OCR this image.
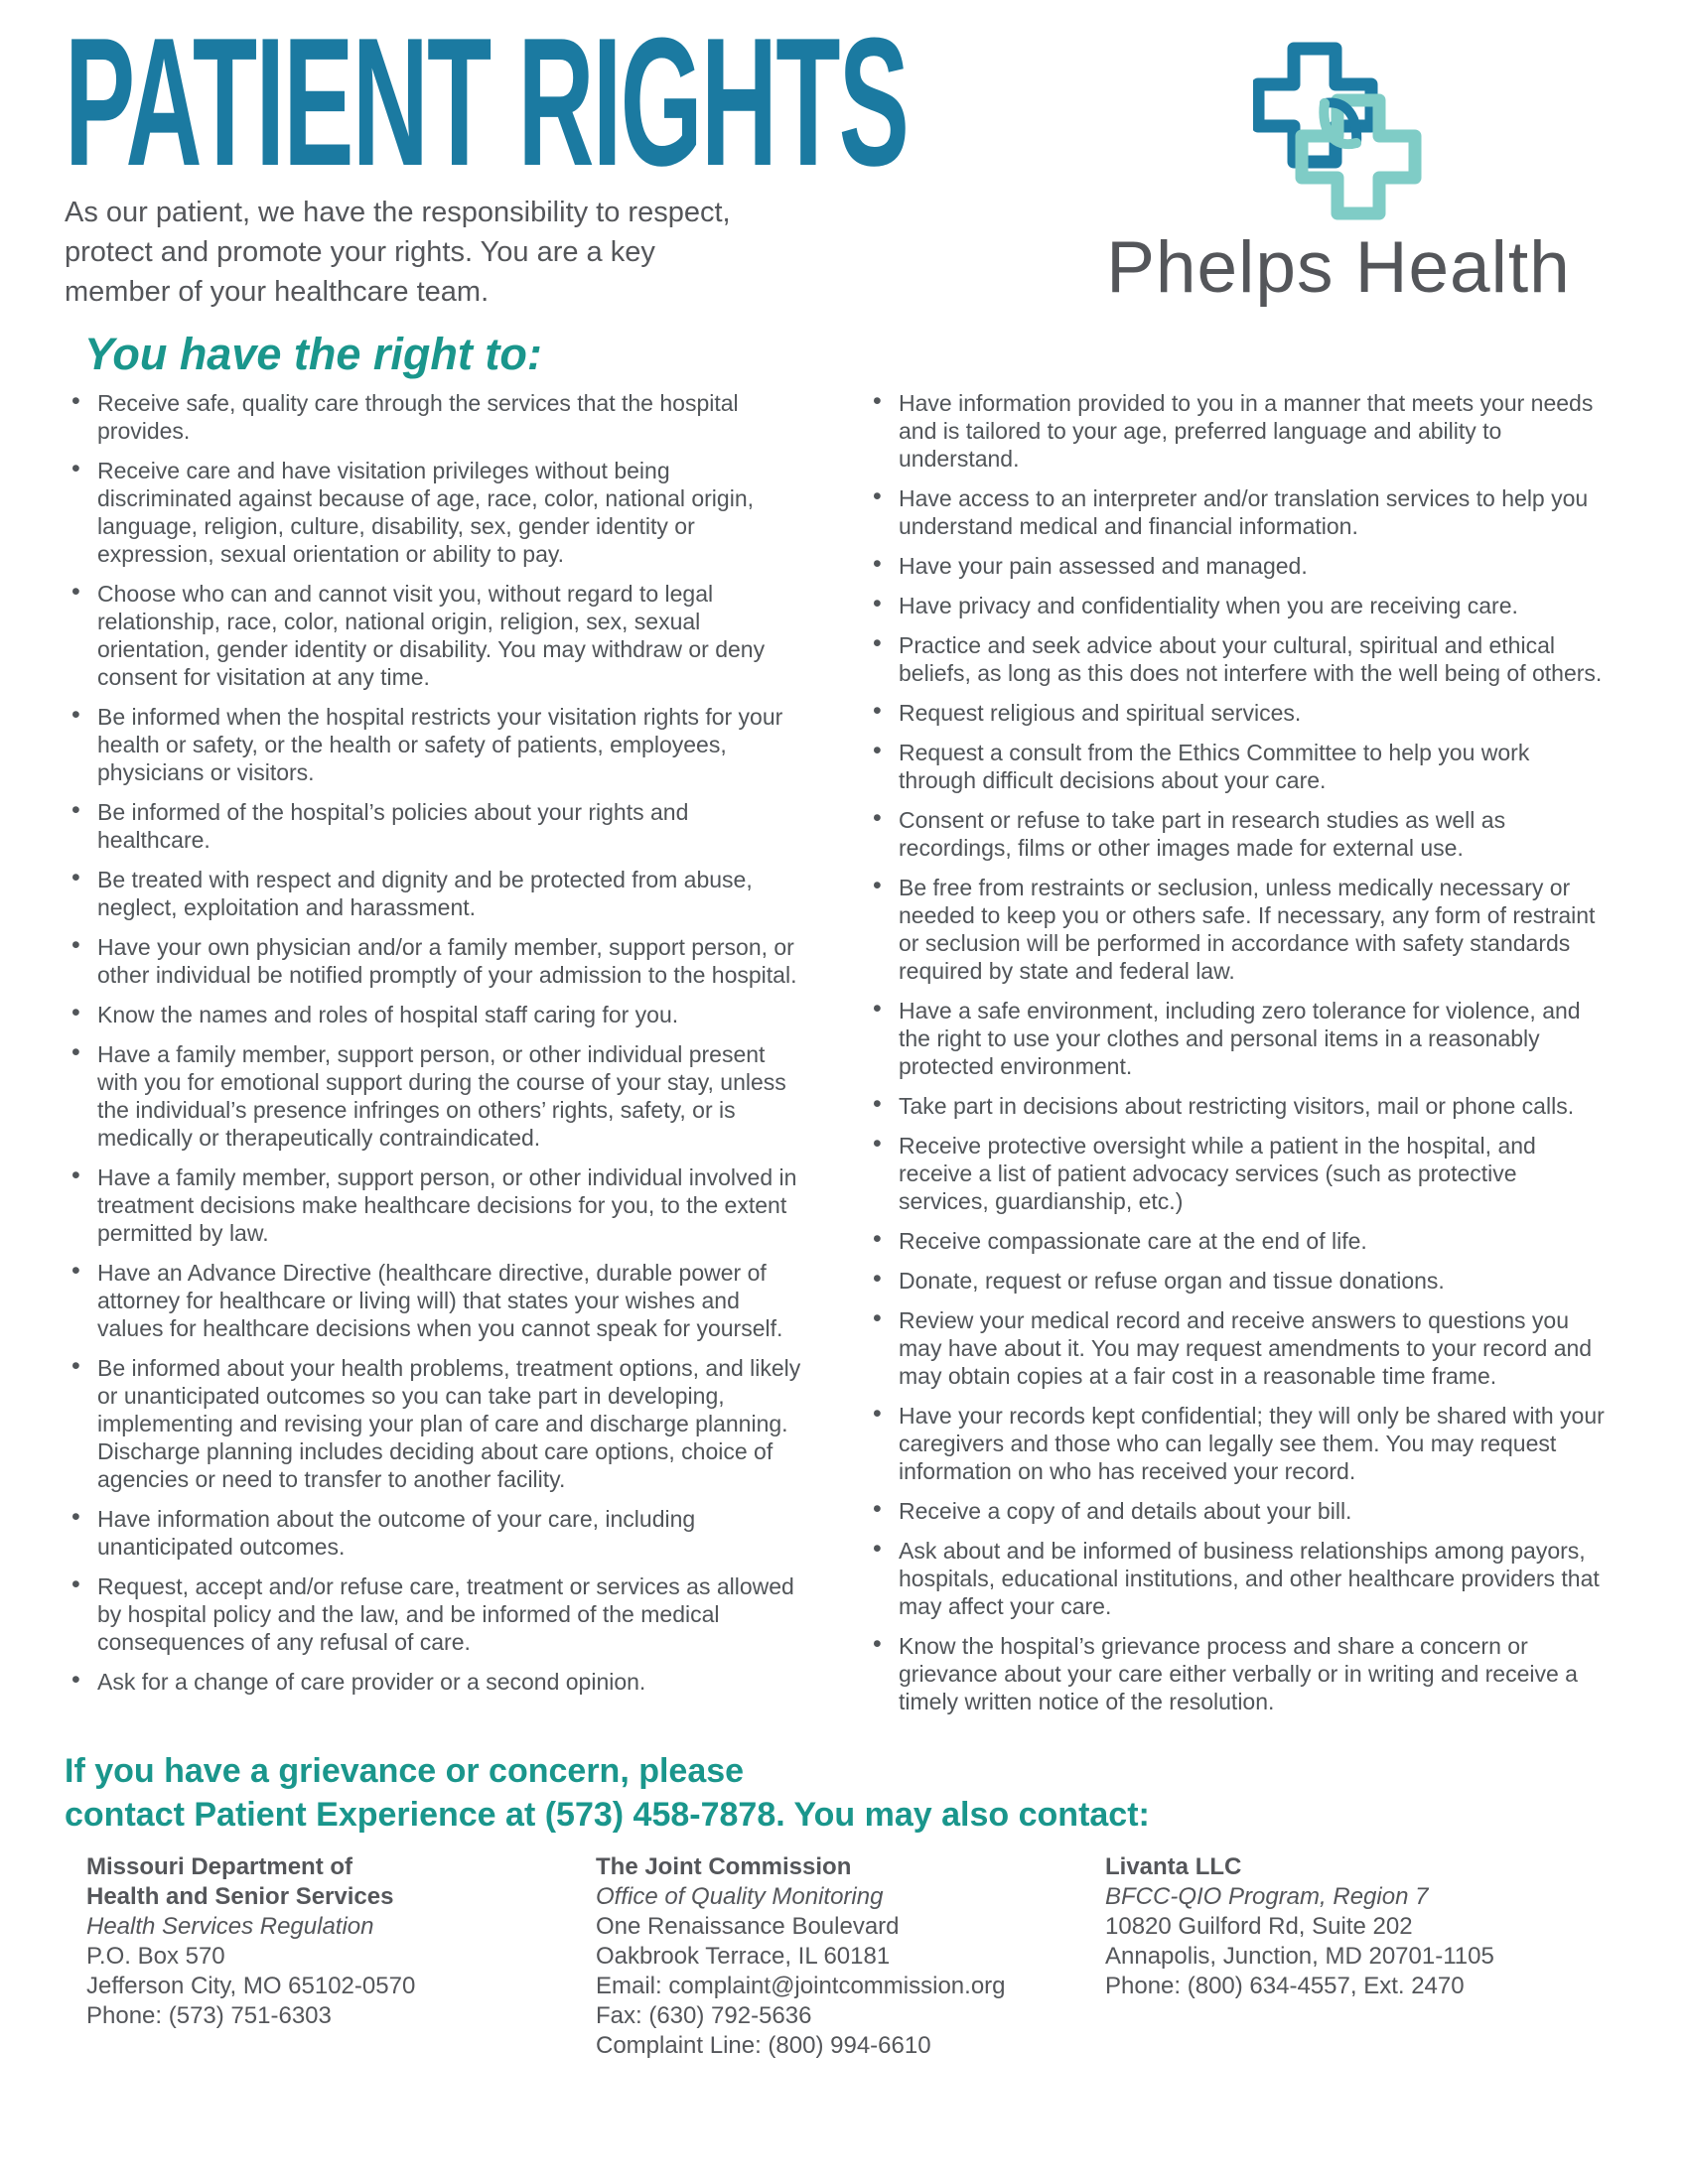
PATIENT RIGHTS
As our patient, we have the responsibility to respect,
protect and promote your rights. You are a key
member of your healthcare team.	Phelps Health
You have the right to:
• Receive safe, quality care through the services that the hospital provides.
• Receive care and have visitation privileges without being discriminated against because of age, race, color, national origin, language, religion, culture, disability, sex, gender identity or expression, sexual orientation or ability to pay.
• Choose who can and cannot visit you, without regard to legal relationship, race, color, national origin, religion, sex, sexual orientation, gender identity or disability. You may withdraw or deny consent for visitation at any time.
• Be informed when the hospital restricts your visitation rights for your health or safety, or the health or safety of patients, employees, physicians or visitors.
• Be informed of the hospital’s policies about your rights and healthcare.
• Be treated with respect and dignity and be protected from abuse, neglect, exploitation and harassment.
• Have your own physician and/or a family member, support person, or other individual be notified promptly of your admission to the hospital.
• Know the names and roles of hospital staff caring for you.
• Have a family member, support person, or other individual present with you for emotional support during the course of your stay, unless the individual’s presence infringes on others’ rights, safety, or is medically or therapeutically contraindicated.
• Have a family member, support person, or other individual involved in treatment decisions make healthcare decisions for you, to the extent permitted by law.
• Have an Advance Directive (healthcare directive, durable power of attorney for healthcare or living will) that states your wishes and values for healthcare decisions when you cannot speak for yourself.
• Be informed about your health problems, treatment options, and likely or unanticipated outcomes so you can take part in developing, implementing and revising your plan of care and discharge planning. Discharge planning includes deciding about care options, choice of agencies or need to transfer to another facility.
• Have information about the outcome of your care, including unanticipated outcomes.
• Request, accept and/or refuse care, treatment or services as allowed by hospital policy and the law, and be informed of the medical consequences of any refusal of care.
• Ask for a change of care provider or a second opinion.
• Have information provided to you in a manner that meets your needs and is tailored to your age, preferred language and ability to understand.
• Have access to an interpreter and/or translation services to help you understand medical and financial information.
• Have your pain assessed and managed.
• Have privacy and confidentiality when you are receiving care.
• Practice and seek advice about your cultural, spiritual and ethical beliefs, as long as this does not interfere with the well being of others.
• Request religious and spiritual services.
• Request a consult from the Ethics Committee to help you work through difficult decisions about your care.
• Consent or refuse to take part in research studies as well as recordings, films or other images made for external use.
• Be free from restraints or seclusion, unless medically necessary or needed to keep you or others safe. If necessary, any form of restraint or seclusion will be performed in accordance with safety standards required by state and federal law.
• Have a safe environment, including zero tolerance for violence, and the right to use your clothes and personal items in a reasonably protected environment.
• Take part in decisions about restricting visitors, mail or phone calls.
• Receive protective oversight while a patient in the hospital, and receive a list of patient advocacy services (such as protective services, guardianship, etc.)
• Receive compassionate care at the end of life.
• Donate, request or refuse organ and tissue donations.
• Review your medical record and receive answers to questions you may have about it. You may request amendments to your record and may obtain copies at a fair cost in a reasonable time frame.
• Have your records kept confidential; they will only be shared with your caregivers and those who can legally see them. You may request information on who has received your record.
• Receive a copy of and details about your bill.
• Ask about and be informed of business relationships among payors, hospitals, educational institutions, and other healthcare providers that may affect your care.
• Know the hospital’s grievance process and share a concern or grievance about your care either verbally or in writing and receive a timely written notice of the resolution.
If you have a grievance or concern, please
contact Patient Experience at (573) 458-7878. You may also contact:
Missouri Department of
Health and Senior Services
Health Services Regulation
P.O. Box 570
Jefferson City, MO 65102-0570
Phone: (573) 751-6303
The Joint Commission
Office of Quality Monitoring
One Renaissance Boulevard
Oakbrook Terrace, IL 60181
Email: complaint@jointcommission.org
Fax: (630) 792-5636
Complaint Line: (800) 994-6610
Livanta LLC
BFCC-QIO Program, Region 7
10820 Guilford Rd, Suite 202
Annapolis, Junction, MD 20701-1105
Phone: (800) 634-4557, Ext. 2470
